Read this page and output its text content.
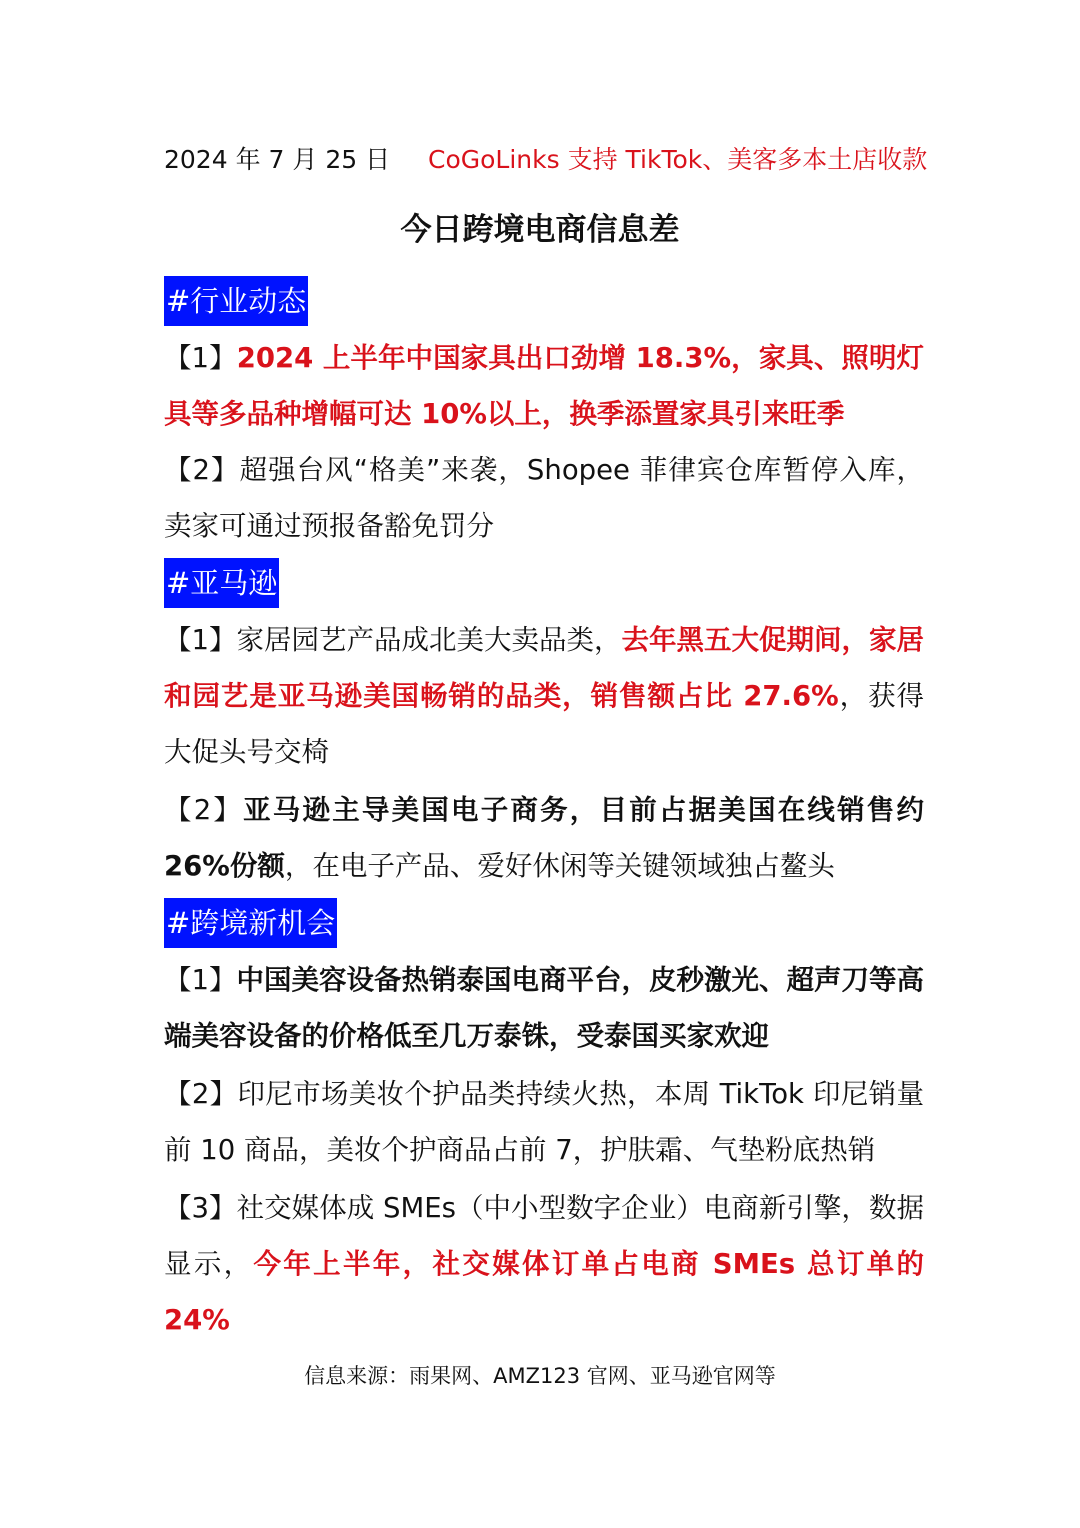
2024 年 7 月 25 日 CoGoLinks 支持 TikTok、美客多本土店收款
今日跨境电商信息差
#行业动态
【1】2024 上半年中国家具出口劲增 18.3%，家具、照明灯具等多品种增幅可达 10%以上，换季添置家具引来旺季
【2】超强台风“格美”来袭，Shopee 菲律宾仓库暂停入库，卖家可通过预报备豁免罚分
#亚马逊
【1】家居园艺产品成北美大卖品类，去年黑五大促期间，家居和园艺是亚马逊美国畅销的品类，销售额占比 27.6%，获得大促头号交椅
【2】亚马逊主导美国电子商务，目前占据美国在线销售约 26%份额，在电子产品、爱好休闲等关键领域独占鳌头
#跨境新机会
【1】中国美容设备热销泰国电商平台，皮秒激光、超声刀等高端美容设备的价格低至几万泰铢，受泰国买家欢迎
【2】印尼市场美妆个护品类持续火热，本周 TikTok 印尼销量前 10 商品，美妆个护商品占前 7，护肤霜、气垫粉底热销
【3】社交媒体成 SMEs（中小型数字企业）电商新引擎，数据显示，今年上半年，社交媒体订单占电商 SMEs 总订单的 24%
信息来源：雨果网、AMZ123 官网、亚马逊官网等
